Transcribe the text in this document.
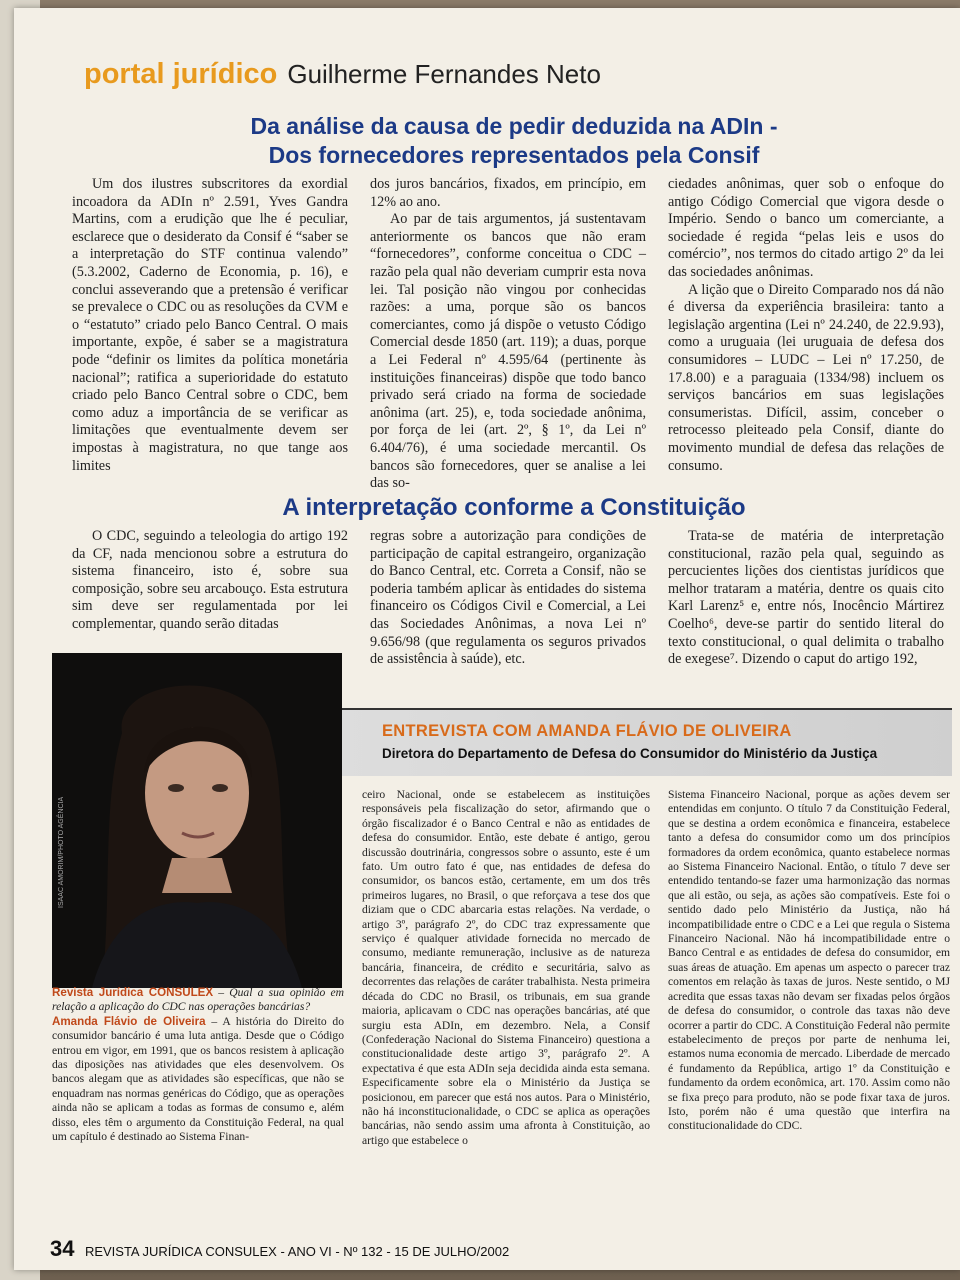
portal jurídico Guilherme Fernandes Neto
Da análise da causa de pedir deduzida na ADIn -
Dos fornecedores representados pela Consif

Um dos ilustres subscritores da exordial incoadora da ADIn nº 2.591, Yves Gandra Martins, com a erudição que lhe é peculiar, esclarece que o desiderato da Consif é “saber se a interpretação do STF continua valendo” (5.3.2002, Caderno de Economia, p. 16), e conclui asseverando que a pretensão é verificar se prevalece o CDC ou as resoluções da CVM e o “estatuto” criado pelo Banco Central. O mais importante, expõe, é saber se a magistratura pode “definir os limites da política monetária nacional”; ratifica a superioridade do estatuto criado pelo Banco Central sobre o CDC, bem como aduz a importância de se verificar as limitações que eventualmente devem ser impostas à magistratura, no que tange aos limites

dos juros bancários, fixados, em princípio, em 12% ao ano.

Ao par de tais argumentos, já sustentavam anteriormente os bancos que não eram “fornecedores”, conforme conceitua o CDC – razão pela qual não deveriam cumprir esta nova lei. Tal posição não vingou por conhecidas razões: a uma, porque são os bancos comerciantes, como já dispõe o vetusto Código Comercial desde 1850 (art. 119); a duas, porque a Lei Federal nº 4.595/64 (pertinente às instituições financeiras) dispõe que todo banco privado será criado na forma de sociedade anônima (art. 25), e, toda sociedade anônima, por força de lei (art. 2º, § 1º, da Lei nº 6.404/76), é uma sociedade mercantil. Os bancos são fornecedores, quer se analise a lei das so-

ciedades anônimas, quer sob o enfoque do antigo Código Comercial que vigora desde o Império. Sendo o banco um comerciante, a sociedade é regida “pelas leis e usos do comércio”, nos termos do citado artigo 2º da lei das sociedades anônimas.

A lição que o Direito Comparado nos dá não é diversa da experiência brasileira: tanto a legislação argentina (Lei nº 24.240, de 22.9.93), como a uruguaia (lei uruguaia de defesa dos consumidores – LUDC – Lei nº 17.250, de 17.8.00) e a paraguaia (1334/98) incluem os serviços bancários em suas legislações consumeristas. Difícil, assim, conceber o retrocesso pleiteado pela Consif, diante do movimento mundial de defesa das relações de consumo.

A interpretação conforme a Constituição

O CDC, seguindo a teleologia do artigo 192 da CF, nada mencionou sobre a estrutura do sistema financeiro, isto é, sobre sua composição, sobre seu arcabouço. Esta estrutura sim deve ser regulamentada por lei complementar, quando serão ditadas

regras sobre a autorização para condições de participação de capital estrangeiro, organização do Banco Central, etc. Correta a Consif, não se poderia também aplicar às entidades do sistema financeiro os Códigos Civil e Comercial, a Lei das Sociedades Anônimas, a nova Lei nº 9.656/98 (que regulamenta os seguros privados de assistência à saúde), etc.

Trata-se de matéria de interpretação constitucional, razão pela qual, seguindo as percucientes lições dos cientistas jurídicos que melhor trataram a matéria, dentre os quais cito Karl Larenz⁵ e, entre nós, Inocêncio Mártirez Coelho⁶, deve-se partir do sentido literal do texto constitucional, o qual delimita o trabalho de exegese⁷. Dizendo o caput do artigo 192,

ISAAC AMORIM/PHOTO AGÊNCIA
ENTREVISTA COM AMANDA FLÁVIO DE OLIVEIRA
Diretora do Departamento de Defesa do Consumidor do Ministério da Justiça

Revista Jurídica CONSULEX – Qual a sua opinião em relação a aplicação do CDC nas operações bancárias?

Amanda Flávio de Oliveira – A história do Direito do consumidor bancário é uma luta antiga. Desde que o Código entrou em vigor, em 1991, que os bancos resistem à aplicação das diposições nas atividades que eles desenvolvem. Os bancos alegam que as atividades são específicas, que não se enquadram nas normas genéricas do Código, que as operações ainda não se aplicam a todas as formas de consumo e, além disso, eles têm o argumento da Constituição Federal, na qual um capítulo é destinado ao Sistema Finan-

ceiro Nacional, onde se estabelecem as instituições responsáveis pela fiscalização do setor, afirmando que o órgão fiscalizador é o Banco Central e não as entidades de defesa do consumidor. Então, este debate é antigo, gerou discussão doutrinária, congressos sobre o assunto, este é um fato. Um outro fato é que, nas entidades de defesa do consumidor, os bancos estão, certamente, em um dos três primeiros lugares, no Brasil, o que reforçava a tese dos que diziam que o CDC abarcaria estas relações. Na verdade, o artigo 3º, parágrafo 2º, do CDC traz expressamente que serviço é qualquer atividade fornecida no mercado de consumo, mediante remuneração, inclusive as de natureza bancária, financeira, de crédito e securitária, salvo as decorrentes das relações de caráter trabalhista. Nesta primeira década do CDC no Brasil, os tribunais, em sua grande maioria, aplicavam o CDC nas operações bancárias, até que surgiu esta ADIn, em dezembro. Nela, a Consif (Confederação Nacional do Sistema Financeiro) questiona a constitucionalidade deste artigo 3º, parágrafo 2º. A expectativa é que esta ADIn seja decidida ainda esta semana. Especificamente sobre ela o Ministério da Justiça se posicionou, em parecer que está nos autos. Para o Ministério, não há inconstitucionalidade, o CDC se aplica as operações bancárias, não sendo assim uma afronta à Constituição, ao artigo que estabelece o

Sistema Financeiro Nacional, porque as ações devem ser entendidas em conjunto. O título 7 da Constituição Federal, que se destina a ordem econômica e financeira, estabelece tanto a defesa do consumidor como um dos princípios formadores da ordem econômica, quanto estabelece normas ao Sistema Financeiro Nacional. Então, o título 7 deve ser entendido tentando-se fazer uma harmonização das normas que ali estão, ou seja, as ações são compatíveis. Este foi o sentido dado pelo Ministério da Justiça, não há incompatibilidade entre o CDC e a Lei que regula o Sistema Financeiro Nacional. Não há incompatibilidade entre o Banco Central e as entidades de defesa do consumidor, em suas áreas de atuação. Em apenas um aspecto o parecer traz comentos em relação às taxas de juros. Neste sentido, o MJ acredita que essas taxas não devam ser fixadas pelos órgãos de defesa do consumidor, o controle das taxas não deve ocorrer a partir do CDC. A Constituição Federal não permite estabelecimento de preços por parte de nenhuma lei, estamos numa economia de mercado. Liberdade de mercado é fundamento da República, artigo 1º da Constituição e fundamento da ordem econômica, art. 170. Assim como não se fixa preço para produto, não se pode fixar taxa de juros. Isto, porém não é uma questão que interfira na constitucionalidade do CDC.

34 REVISTA JURÍDICA CONSULEX - ANO VI - Nº 132 - 15 DE JULHO/2002
